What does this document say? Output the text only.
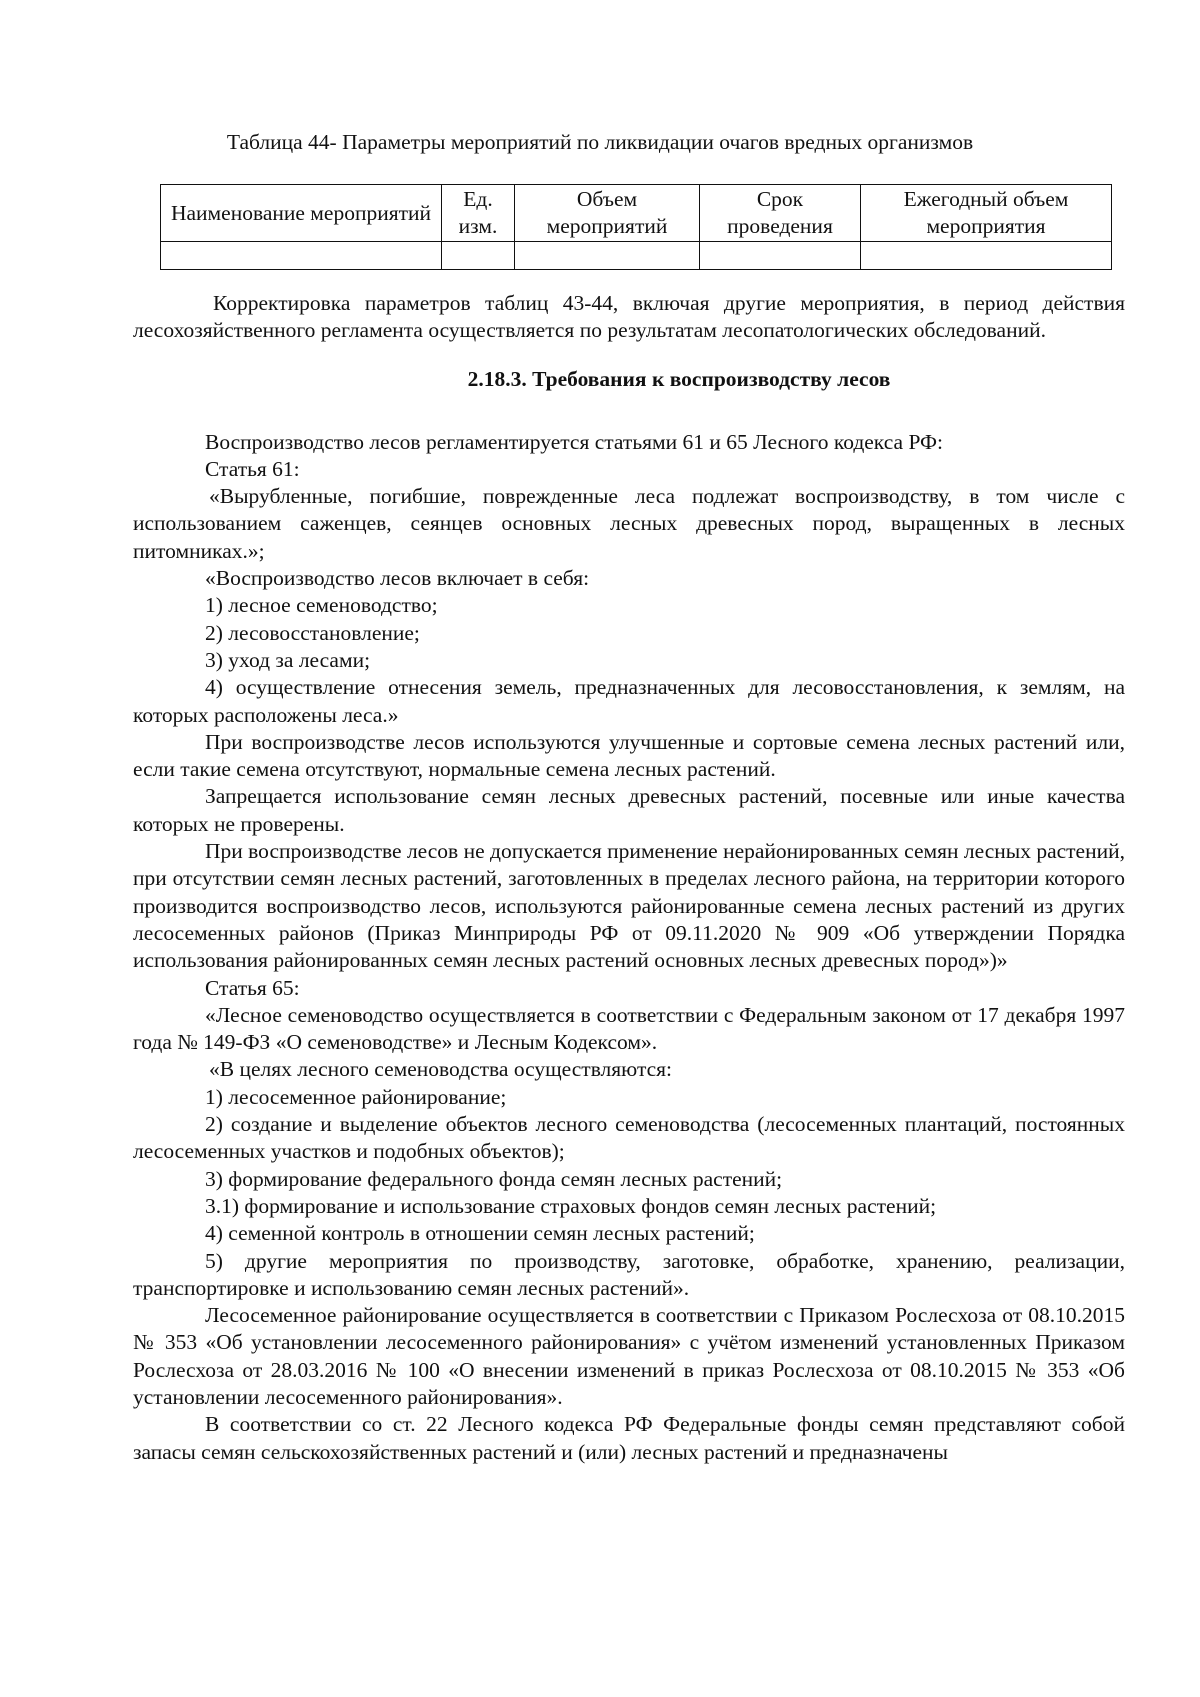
Таблица 44- Параметры мероприятий по ликвидации очагов вредных организмов
Наименование мероприятий	Ед. изм.	Объем мероприятий	Срок проведения	Ежегодный объем мероприятия

Корректировка параметров таблиц 43-44, включая другие мероприятия, в период действия лесохозяйственного регламента осуществляется по результатам лесопатологических обследований.

2.18.3. Требования к воспроизводству лесов

Воспроизводство лесов регламентируется статьями 61 и 65 Лесного кодекса РФ:

Статья 61:

«Вырубленные, погибшие, поврежденные леса подлежат воспроизводству, в том числе с использованием саженцев, сеянцев основных лесных древесных пород, выращенных в лесных питомниках.»;

«Воспроизводство лесов включает в себя:

1) лесное семеноводство;

2) лесовосстановление;

3) уход за лесами;

4) осуществление отнесения земель, предназначенных для лесовосстановления, к землям, на которых расположены леса.»

При воспроизводстве лесов используются улучшенные и сортовые семена лесных растений или, если такие семена отсутствуют, нормальные семена лесных растений.

Запрещается использование семян лесных древесных растений, посевные или иные качества которых не проверены.

При воспроизводстве лесов не допускается применение нерайонированных семян лесных растений, при отсутствии семян лесных растений, заготовленных в пределах лесного района, на территории которого производится воспроизводство лесов, используются районированные семена лесных растений из других лесосеменных районов (Приказ Минприроды РФ от 09.11.2020 № 909 «Об утверждении Порядка использования районированных семян лесных растений основных лесных древесных пород»)»

Статья 65:

«Лесное семеноводство осуществляется в соответствии с Федеральным законом от 17 декабря 1997 года № 149-ФЗ «О семеноводстве» и Лесным Кодексом».

«В целях лесного семеноводства осуществляются:

1) лесосеменное районирование;

2) создание и выделение объектов лесного семеноводства (лесосеменных плантаций, постоянных лесосеменных участков и подобных объектов);

3) формирование федерального фонда семян лесных растений;

3.1) формирование и использование страховых фондов семян лесных растений;

4) семенной контроль в отношении семян лесных растений;

5) другие мероприятия по производству, заготовке, обработке, хранению, реализации, транспортировке и использованию семян лесных растений».

Лесосеменное районирование осуществляется в соответствии с Приказом Рослесхоза от 08.10.2015 № 353 «Об установлении лесосеменного районирования» с учётом изменений установленных Приказом Рослесхоза от 28.03.2016 № 100 «О внесении изменений в приказ Рослесхоза от 08.10.2015 № 353 «Об установлении лесосеменного районирования».

В соответствии со ст. 22 Лесного кодекса РФ Федеральные фонды семян представляют собой запасы семян сельскохозяйственных растений и (или) лесных растений и предназначены
